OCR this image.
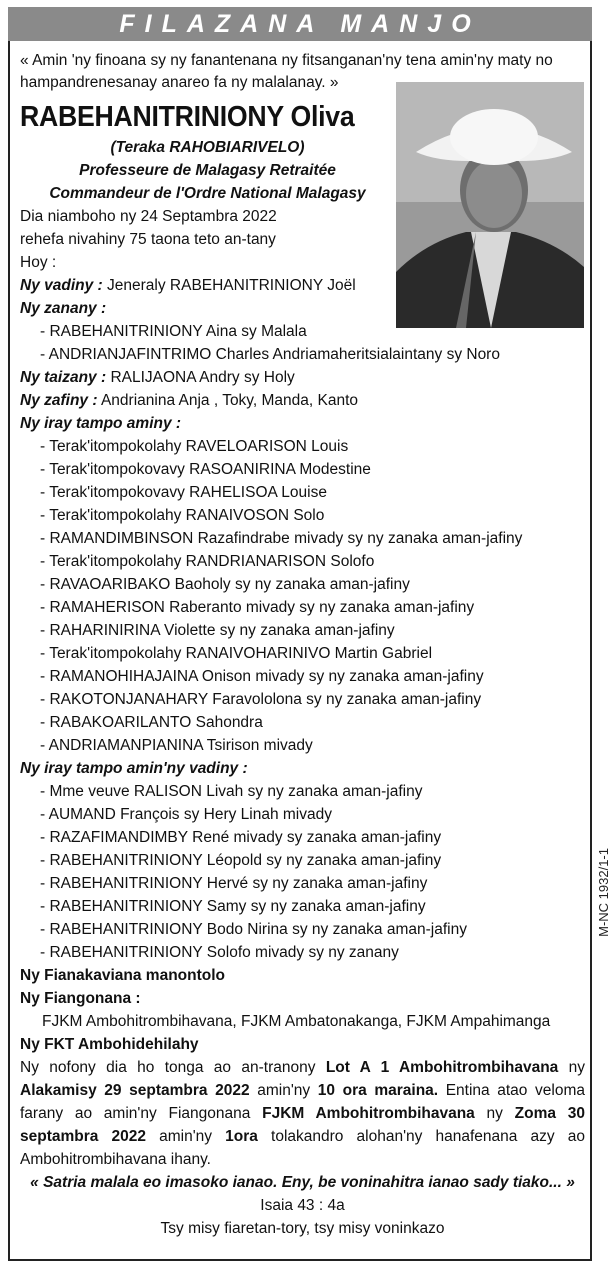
FILAZANA MANJO
M-NC 1932/1-1
« Amin 'ny finoana sy ny fanantenana ny fitsanganan'ny tena amin'ny maty no hampandrenesanay anareo fa ny malalanay. »
RABEHANITRINIONY Oliva
(Teraka RAHOBIARIVELO)
Professeure de Malagasy Retraitée
Commandeur de l'Ordre National Malagasy
Dia niamboho ny 24 Septambra 2022
rehefa nivahiny 75 taona teto an-tany
Hoy :
Ny vadiny : Jeneraly RABEHANITRINIONY Joël
Ny zanany :
- RABEHANITRINIONY Aina sy Malala
- ANDRIANJAFINTRIMO Charles Andriamaheritsialaintany sy Noro
Ny taizany : RALIJAONA Andry sy Holy
Ny zafiny : Andrianina Anja , Toky, Manda, Kanto
Ny iray tampo aminy :
- Terak'itompokolahy RAVELOARISON Louis
- Terak'itompokovavy RASOANIRINA Modestine
- Terak'itompokovavy RAHELISOA Louise
- Terak'itompokolahy RANAIVOSON Solo
- RAMANDIMBINSON Razafindrabe mivady sy ny zanaka aman-jafiny
- Terak'itompokolahy RANDRIANARISON Solofo
- RAVAOARIBAKO Baoholy sy ny zanaka aman-jafiny
- RAMAHERISON Raberanto mivady sy ny zanaka aman-jafiny
- RAHARINIRINA Violette sy ny zanaka aman-jafiny
- Terak'itompokolahy RANAIVOHARINIVO Martin Gabriel
- RAMANOHIHAJAINA Onison mivady sy ny zanaka aman-jafiny
- RAKOTONJANAHARY Faravololona sy ny zanaka aman-jafiny
- RABAKOARILANTO Sahondra
- ANDRIAMANPIANINA Tsirison mivady
Ny iray tampo amin'ny vadiny :
- Mme veuve RALISON Livah sy ny zanaka aman-jafiny
- AUMAND François sy Hery Linah mivady
- RAZAFIMANDIMBY René mivady sy zanaka aman-jafiny
- RABEHANITRINIONY Léopold sy ny zanaka aman-jafiny
- RABEHANITRINIONY Hervé sy ny zanaka aman-jafiny
- RABEHANITRINIONY Samy sy ny zanaka aman-jafiny
- RABEHANITRINIONY Bodo Nirina sy ny zanaka aman-jafiny
- RABEHANITRINIONY Solofo mivady sy ny zanany
Ny Fianakaviana manontolo
Ny Fiangonana :
FJKM Ambohitrombihavana, FJKM Ambatonakanga, FJKM Ampahimanga
Ny FKT Ambohidehilahy
Ny nofony dia ho tonga ao an-tranony Lot A 1 Ambohitrombihavana ny Alakamisy 29 septambra 2022 amin'ny 10 ora maraina. Entina atao veloma farany ao amin'ny Fiangonana FJKM Ambohitrombihavana ny Zoma 30 septambra 2022 amin'ny 1ora tolakandro alohan'ny hanafenana azy ao Ambohitrombihavana ihany.
« Satria malala eo imasoko ianao. Eny, be voninahitra ianao sady tiako... »
Isaia 43 : 4a
Tsy misy fiaretan-tory, tsy misy voninkazo
